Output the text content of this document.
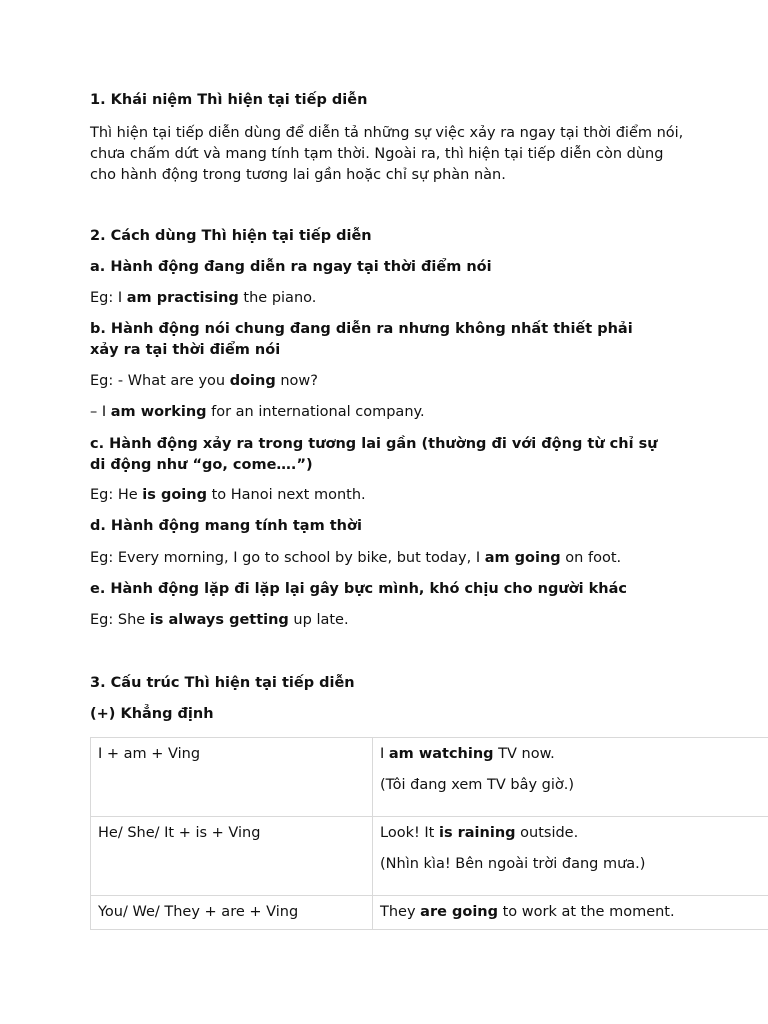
1. Khái niệm Thì hiện tại tiếp diễn

Thì hiện tại tiếp diễn dùng để diễn tả những sự việc xảy ra ngay tại thời điểm nói, chưa chấm dứt và mang tính tạm thời. Ngoài ra, thì hiện tại tiếp diễn còn dùng cho hành động trong tương lai gần hoặc chỉ sự phàn nàn.

2. Cách dùng Thì hiện tại tiếp diễn

a. Hành động đang diễn ra ngay tại thời điểm nói

Eg: I am practising the piano.

b. Hành động nói chung đang diễn ra nhưng không nhất thiết phải xảy ra tại thời điểm nói

Eg: - What are you doing now?

– I am working for an international company.

c. Hành động xảy ra trong tương lai gần (thường đi với động từ chỉ sự di động như “go, come….”)

Eg: He is going to Hanoi next month.

d. Hành động mang tính tạm thời

Eg: Every morning, I go to school by bike, but today, I am going on foot.

e. Hành động lặp đi lặp lại gây bực mình, khó chịu cho người khác

Eg: She is always getting up late.

3. Cấu trúc Thì hiện tại tiếp diễn

(+) Khẳng định

I + am + Ving	I am watching TV now.

(Tôi đang xem TV bây giờ.)

He/ She/ It + is + Ving	Look! It is raining outside.

(Nhìn kìa! Bên ngoài trời đang mưa.)

You/ We/ They + are + Ving	They are going to work at the moment.
